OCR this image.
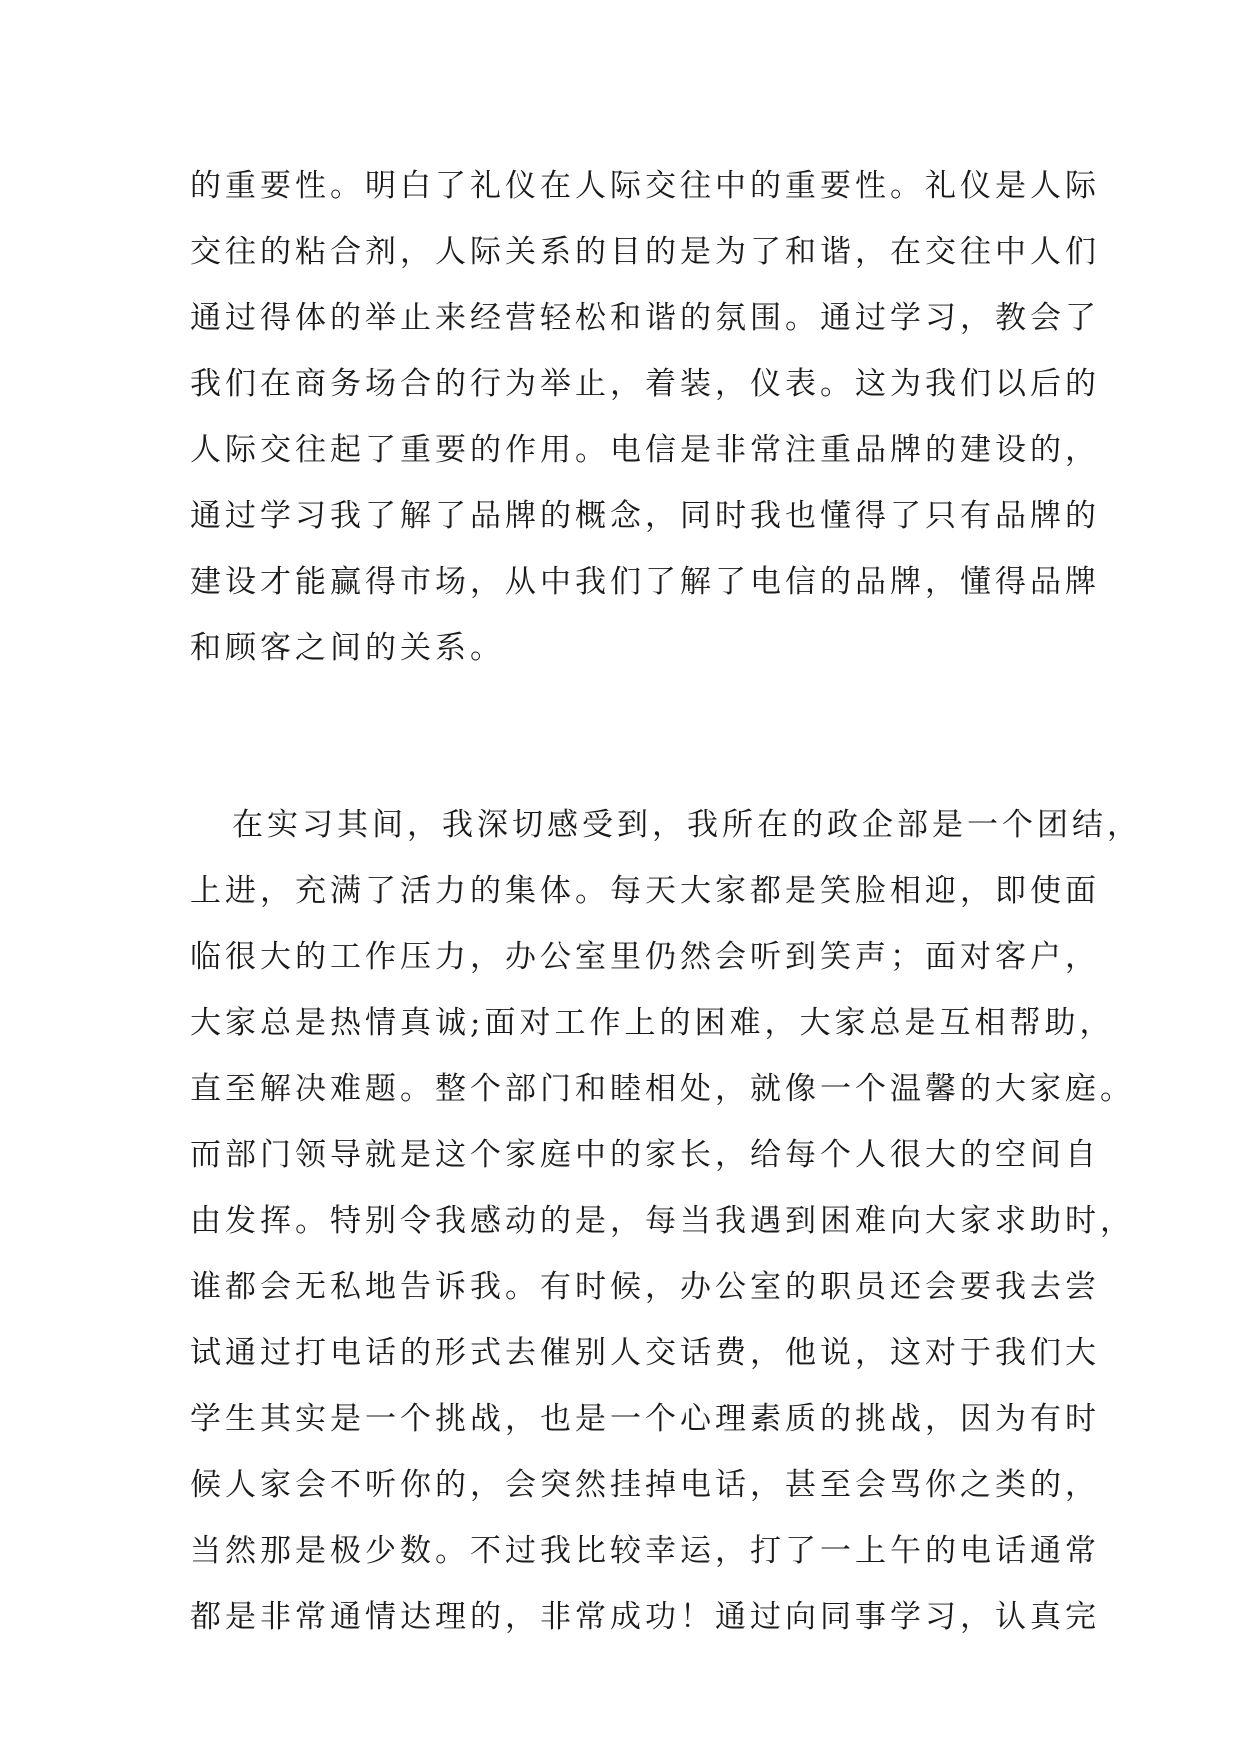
的重要性。明白了礼仪在人际交往中的重要性。礼仪是人际
交往的粘合剂，人际关系的目的是为了和谐，在交往中人们
通过得体的举止来经营轻松和谐的氛围。通过学习，教会了
我们在商务场合的行为举止，着装，仪表。这为我们以后的
人际交往起了重要的作用。电信是非常注重品牌的建设的，
通过学习我了解了品牌的概念，同时我也懂得了只有品牌的
建设才能赢得市场，从中我们了解了电信的品牌，懂得品牌
和顾客之间的关系。
在实习其间，我深切感受到，我所在的政企部是一个团结，
上进，充满了活力的集体。每天大家都是笑脸相迎，即使面
临很大的工作压力，办公室里仍然会听到笑声；面对客户，
大家总是热情真诚;面对工作上的困难，大家总是互相帮助，
直至解决难题。整个部门和睦相处，就像一个温馨的大家庭。
而部门领导就是这个家庭中的家长，给每个人很大的空间自
由发挥。特别令我感动的是，每当我遇到困难向大家求助时，
谁都会无私地告诉我。有时候，办公室的职员还会要我去尝
试通过打电话的形式去催别人交话费，他说，这对于我们大
学生其实是一个挑战，也是一个心理素质的挑战，因为有时
候人家会不听你的，会突然挂掉电话，甚至会骂你之类的，
当然那是极少数。不过我比较幸运，打了一上午的电话通常
都是非常通情达理的，非常成功！通过向同事学习，认真完
